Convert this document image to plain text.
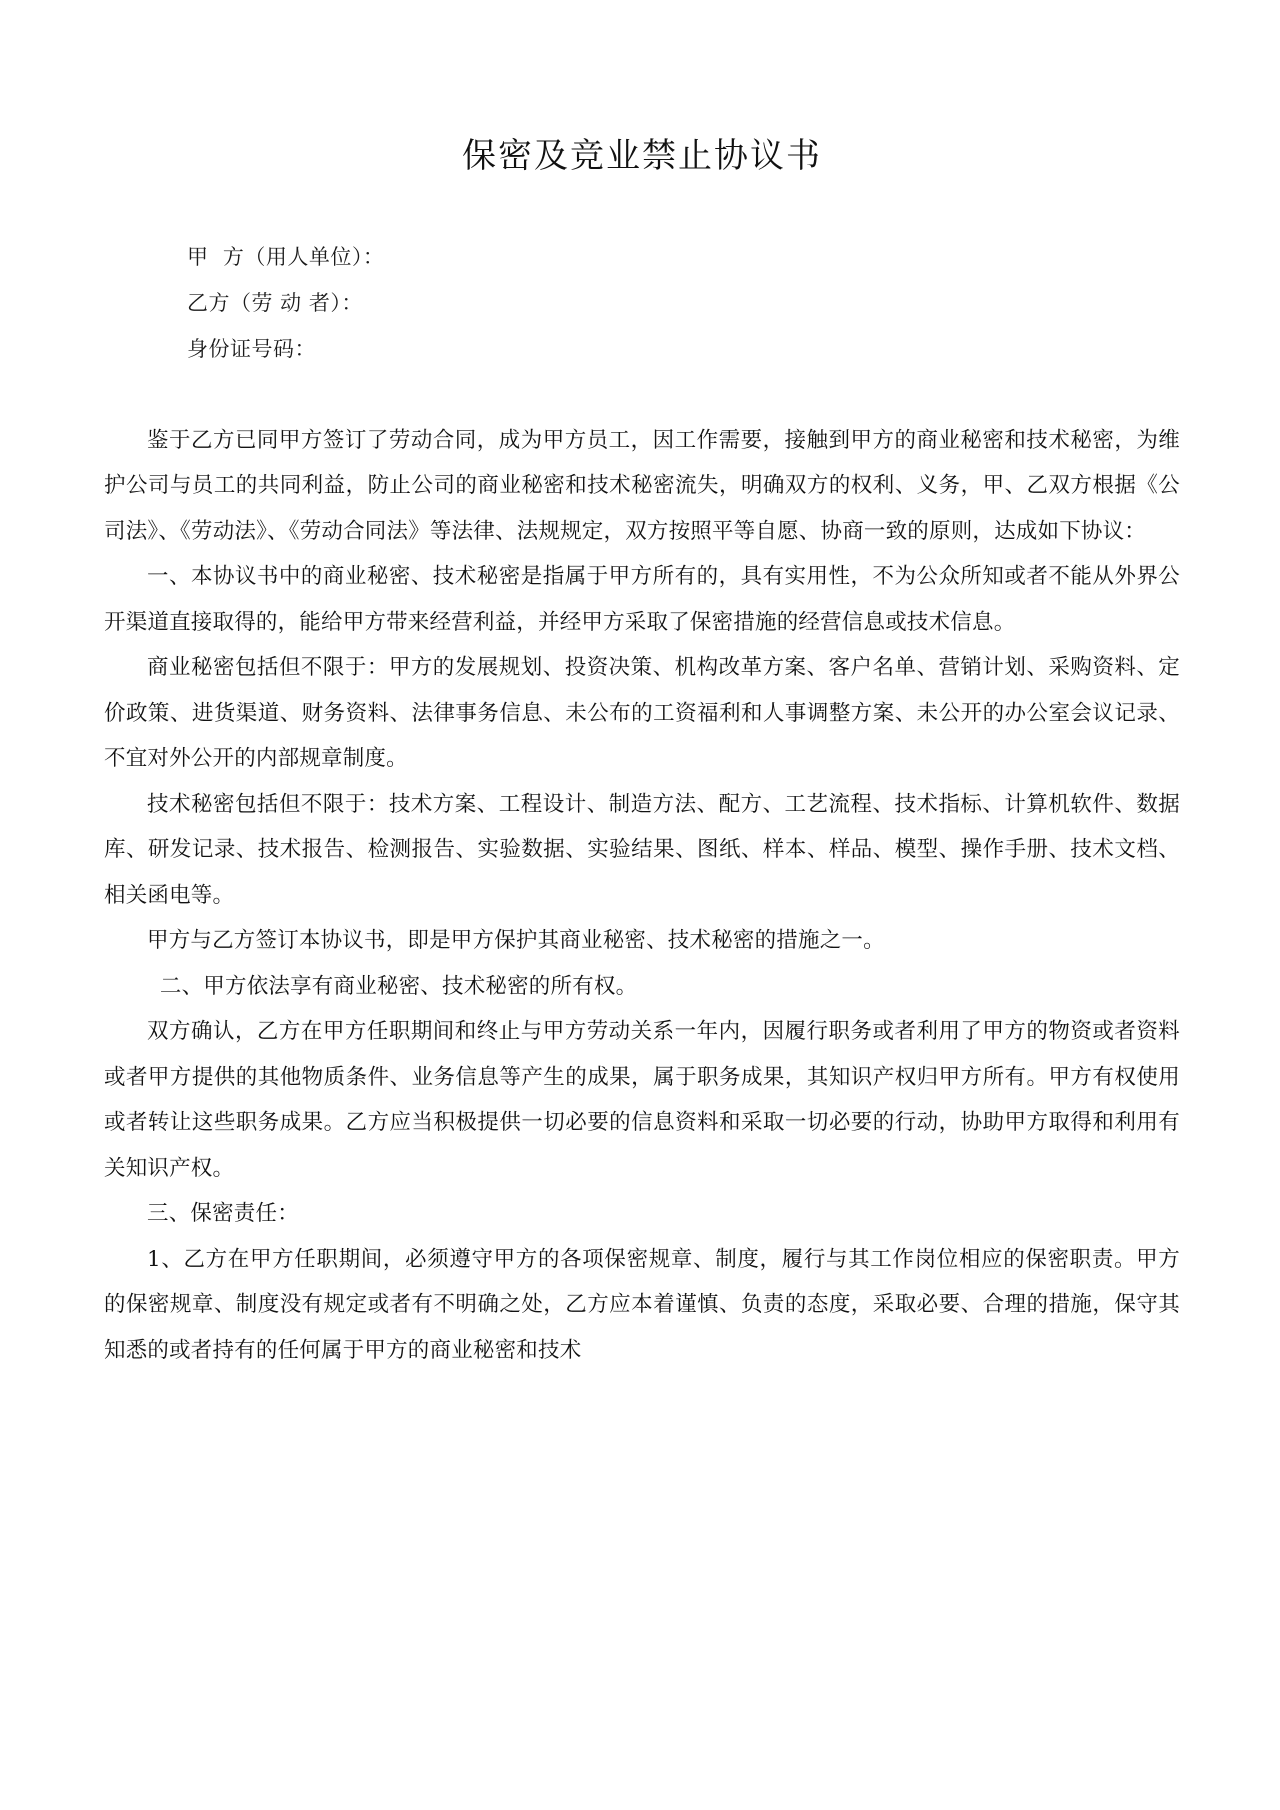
保密及竞业禁止协议书
甲  方（用人单位）：
乙方（劳 动 者）：
身份证号码：

鉴于乙方已同甲方签订了劳动合同，成为甲方员工，因工作需要，接触到甲方的商业秘密和技术秘密，为维护公司与员工的共同利益，防止公司的商业秘密和技术秘密流失，明确双方的权利、义务，甲、乙双方根据《公司法》、《劳动法》、《劳动合同法》等法律、法规规定，双方按照平等自愿、协商一致的原则，达成如下协议：

一、本协议书中的商业秘密、技术秘密是指属于甲方所有的，具有实用性，不为公众所知或者不能从外界公开渠道直接取得的，能给甲方带来经营利益，并经甲方采取了保密措施的经营信息或技术信息。

商业秘密包括但不限于：甲方的发展规划、投资决策、机构改革方案、客户名单、营销计划、采购资料、定价政策、进货渠道、财务资料、法律事务信息、未公布的工资福利和人事调整方案、未公开的办公室会议记录、不宜对外公开的内部规章制度。

技术秘密包括但不限于：技术方案、工程设计、制造方法、配方、工艺流程、技术指标、计算机软件、数据库、研发记录、技术报告、检测报告、实验数据、实验结果、图纸、样本、样品、模型、操作手册、技术文档、相关函电等。

甲方与乙方签订本协议书，即是甲方保护其商业秘密、技术秘密的措施之一。

二、甲方依法享有商业秘密、技术秘密的所有权。

双方确认，乙方在甲方任职期间和终止与甲方劳动关系一年内，因履行职务或者利用了甲方的物资或者资料或者甲方提供的其他物质条件、业务信息等产生的成果，属于职务成果，其知识产权归甲方所有。甲方有权使用或者转让这些职务成果。乙方应当积极提供一切必要的信息资料和采取一切必要的行动，协助甲方取得和利用有关知识产权。

三、保密责任：

1、乙方在甲方任职期间，必须遵守甲方的各项保密规章、制度，履行与其工作岗位相应的保密职责。甲方的保密规章、制度没有规定或者有不明确之处，乙方应本着谨慎、负责的态度，采取必要、合理的措施，保守其知悉的或者持有的任何属于甲方的商业秘密和技术
